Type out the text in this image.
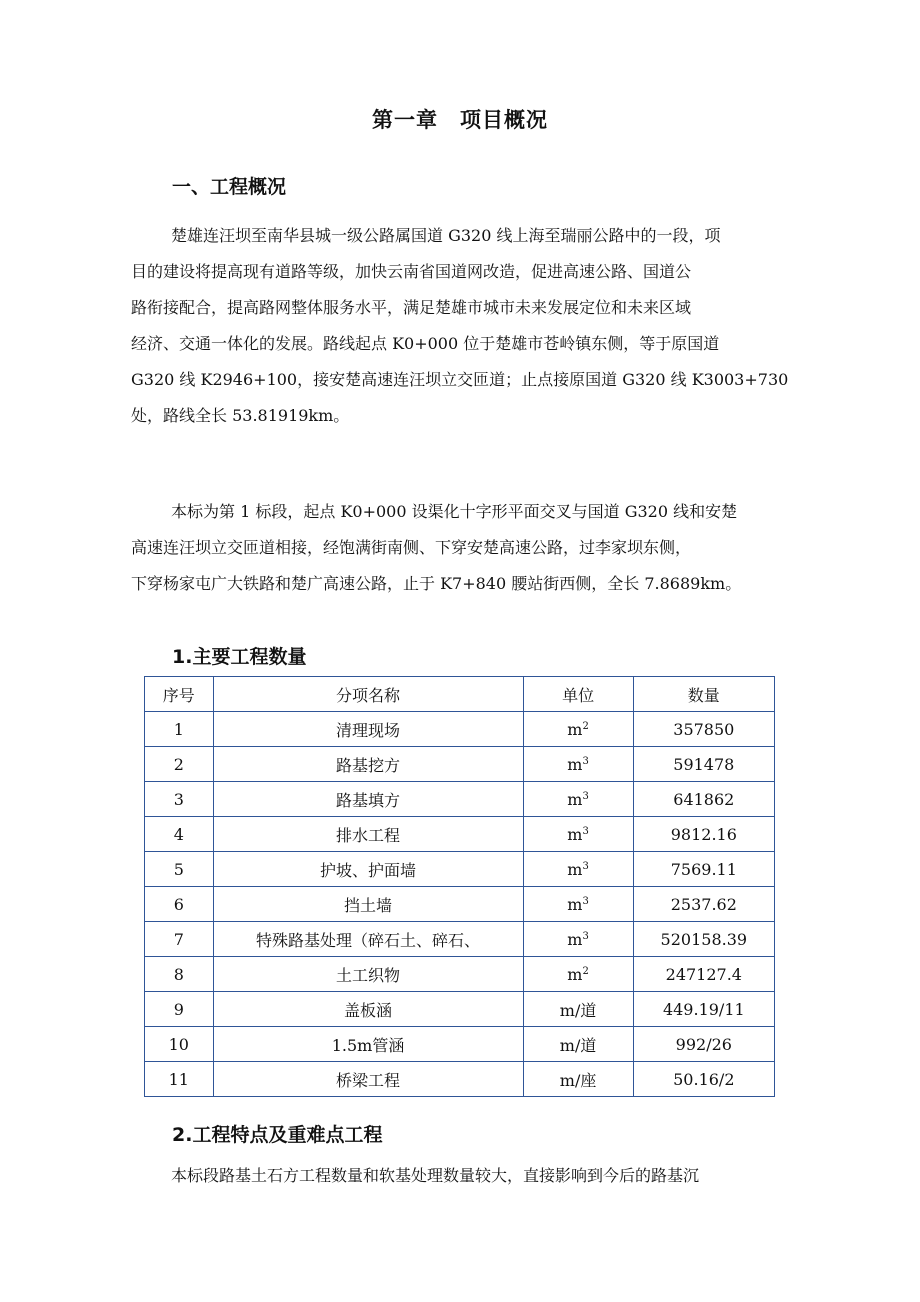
第一章　项目概况
一、工程概况
楚雄连汪坝至南华县城一级公路属国道 G320 线上海至瑞丽公路中的一段，项
目的建设将提高现有道路等级，加快云南省国道网改造，促进高速公路、国道公
路衔接配合，提高路网整体服务水平，满足楚雄市城市未来发展定位和未来区域
经济、交通一体化的发展。路线起点 K0+000 位于楚雄市苍岭镇东侧，等于原国道
G320 线 K2946+100，接安楚高速连汪坝立交匝道；止点接原国道 G320 线 K3003+730
处，路线全长 53.81919km。
本标为第 1 标段，起点 K0+000 设渠化十字形平面交叉与国道 G320 线和安楚
高速连汪坝立交匝道相接，经饱满街南侧、下穿安楚高速公路，过李家坝东侧，
下穿杨家屯广大铁路和楚广高速公路，止于 K7+840 腰站街西侧，全长 7.8689km。
1.主要工程数量
序号	分项名称	单位	数量
1	清理现场	$m^2$	357850
2	路基挖方	$m^3$	591478
3	路基填方	$m^3$	641862
4	排水工程	$m^3$	9812.16
5	护坡、护面墙	$m^3$	7569.11
6	挡土墙	$m^3$	2537.62
7	特殊路基处理（碎石土、碎石、	$m^3$	520158.39
8	土工织物	$m^2$	247127.4
9	盖板涵	m/道	449.19/11
10	1.5m管涵	m/道	992/26
11	桥梁工程	m/座	50.16/2
2.工程特点及重难点工程
本标段路基土石方工程数量和软基处理数量较大，直接影响到今后的路基沉
